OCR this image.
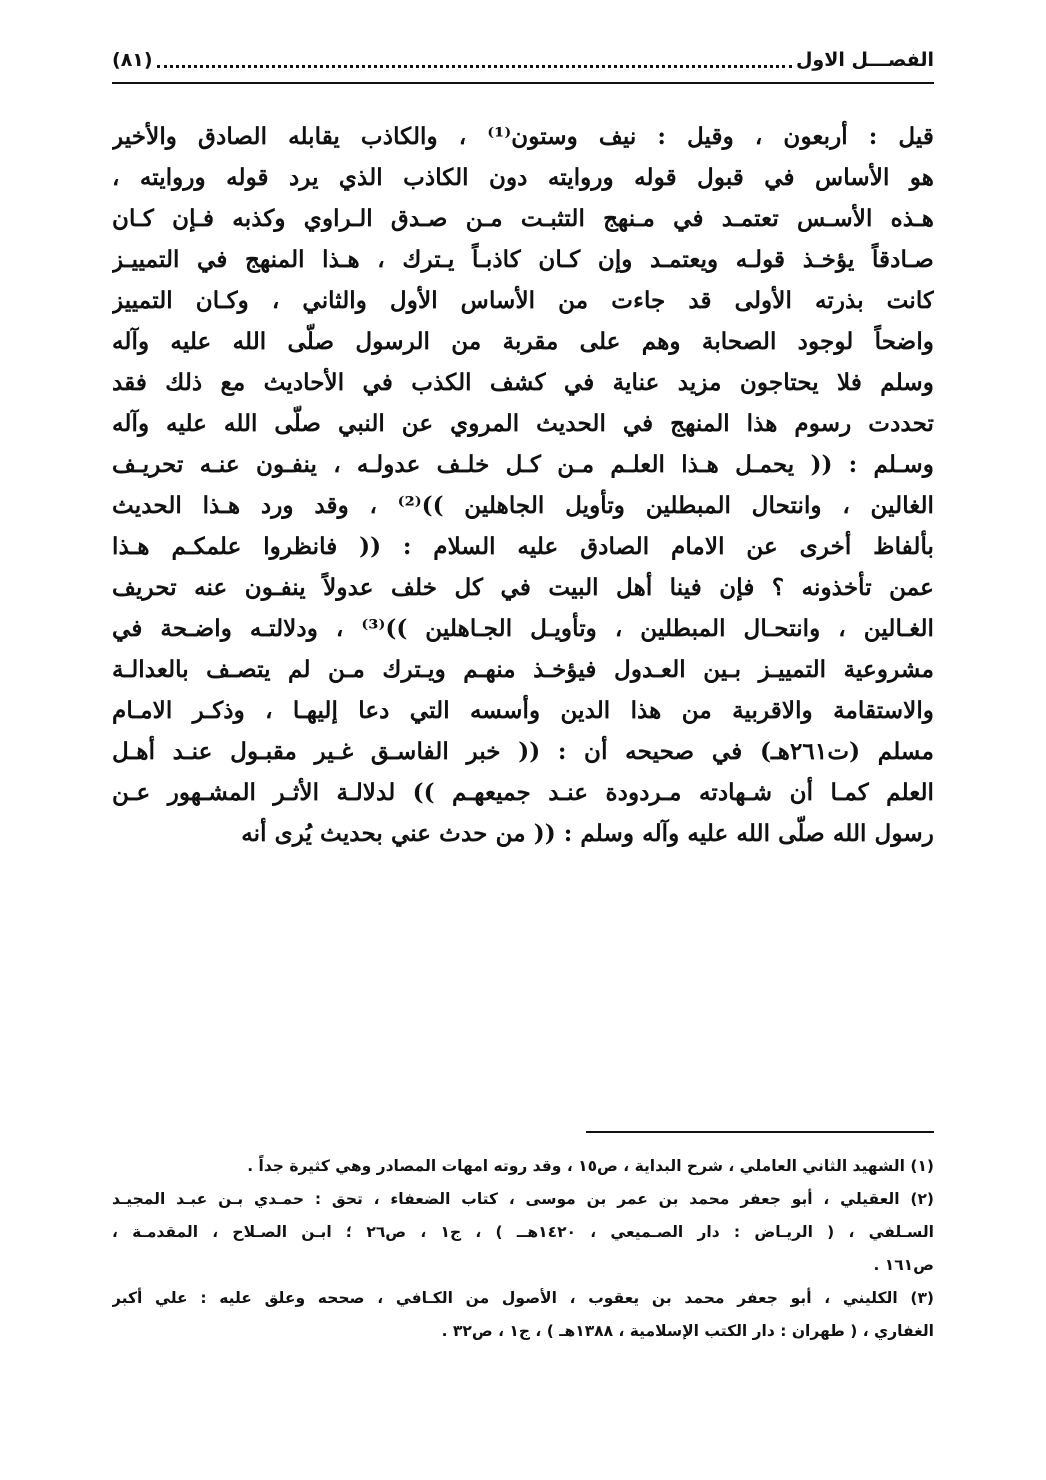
الفصـــل الاول
(٨١)
قيل : أربعون ، وقيل : نيف وستون⁽¹⁾ ، والكاذب يقابله الصادق والأخير
هو الأساس في قبول قوله وروايته دون الكاذب الذي يرد قوله وروايته ،
هـذه الأسـس تعتمـد في مـنهج التثبـت مـن صـدق الـراوي وكذبه فـإن كـان
صـادقاً يؤخـذ قولـه ويعتمـد وإن كـان كاذبـاً يـترك ، هـذا المنهج في التمييـز
كانت بذرته الأولى قد جاءت من الأساس الأول والثاني ، وكـان التمييز
واضحاً لوجود الصحابة وهم على مقربة من الرسول صلّى الله عليه وآله
وسلم فلا يحتاجون مزيد عناية في كشف الكذب في الأحاديث مع ذلك فقد
تحددت رسوم هذا المنهج في الحديث المروي عن النبي صلّى الله عليه وآله
وسـلم : (( يحمـل هـذا العلـم مـن كـل خلـف عدولـه ، ينفـون عنـه تحريـف
الغالين ، وانتحال المبطلين وتأويل الجاهلين ))⁽²⁾ ، وقد ورد هـذا الحديث
بألفاظ أخرى عن الامام الصادق عليه السلام : (( فانظروا علمكـم هـذا
عمن تأخذونه ؟ فإن فينا أهل البيت في كل خلف عدولاً ينفـون عنه تحريف
الغـالين ، وانتحـال المبطلين ، وتأويـل الجـاهلين ))⁽³⁾ ، ودلالتـه واضـحة في
مشروعية التمييـز بـين العـدول فيؤخـذ منهـم ويـترك مـن لم يتصـف بالعدالـة
والاستقامة والاقربية من هذا الدين وأسسه التي دعا إليهـا ، وذكـر الامـام
مسلم (ت٢٦١هـ) في صحيحه أن : (( خبر الفاسـق غـير مقبـول عنـد أهـل
العلم كمـا أن شـهادته مـردودة عنـد جميعهـم )) لدلالـة الأثـر المشـهور عـن
رسول الله صلّى الله عليه وآله وسلم : (( من حدث عني بحديث يُرى أنه
(١) الشهيد الثاني العاملي ، شرح البداية ، ص١٥ ، وقد روته امهات المصادر وهي كثيرة جداً .
(٢) العقيلي ، أبو جعفر محمد بن عمر بن موسى ، كتاب الضعفاء ، تحق : حمـدي بـن عبـد المجيـد
السـلفي ، ( الريـاض : دار الصـميعي ، ١٤٢٠هــ ) ، ج١ ، ص٢٦ ؛ ابـن الصـلاح ، المقدمـة ،
ص١٦١ .
(٣) الكليني ، أبو جعفر محمد بن يعقوب ، الأصول من الكـافي ، صححه وعلق عليه : علي أكبر
الغفاري ، ( طهران : دار الكتب الإسلامية ، ١٣٨٨هـ ) ، ج١ ، ص٣٢ .
